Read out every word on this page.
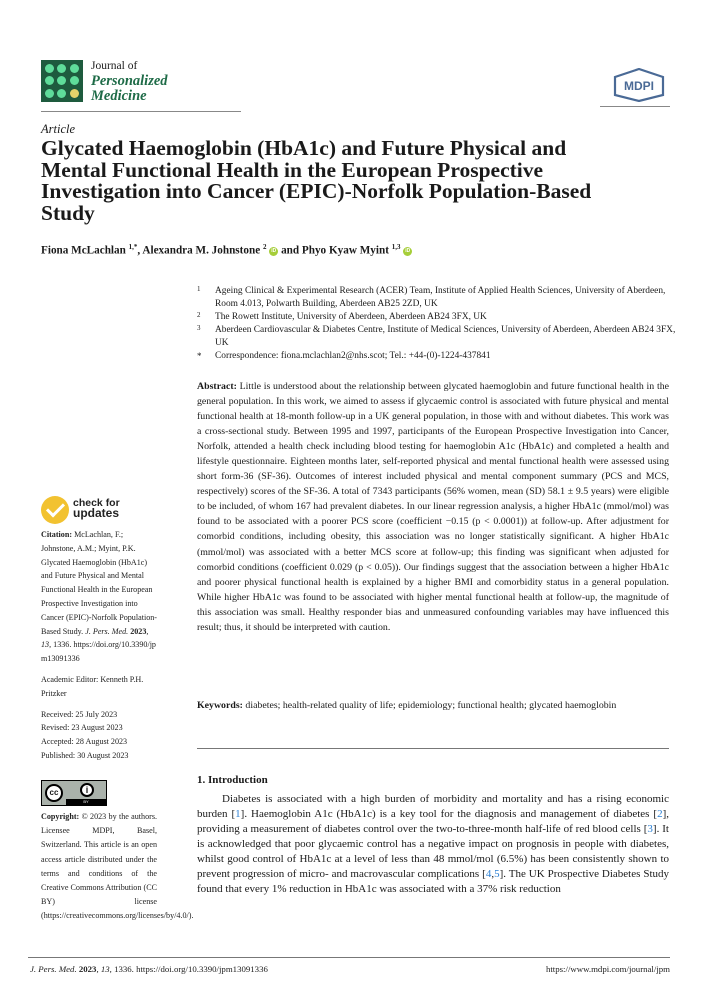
Journal of
Personalized
Medicine
MDPI
Article
Glycated Haemoglobin (HbA1c) and Future Physical and Mental Functional Health in the European Prospective Investigation into Cancer (EPIC)-Norfolk Population-Based Study
Fiona McLachlan $^{1,*}$, Alexandra M. Johnstone $^2$ iD and Phyo Kyaw Myint $^{1,3}$ iD
1 Ageing Clinical & Experimental Research (ACER) Team, Institute of Applied Health Sciences, University of Aberdeen, Room 4.013, Polwarth Building, Aberdeen AB25 2ZD, UK
2 The Rowett Institute, University of Aberdeen, Aberdeen AB24 3FX, UK
3 Aberdeen Cardiovascular & Diabetes Centre, Institute of Medical Sciences, University of Aberdeen, Aberdeen AB24 3FX, UK
* Correspondence: fiona.mclachlan2@nhs.scot; Tel.: +44-(0)-1224-437841
Abstract: Little is understood about the relationship between glycated haemoglobin and future functional health in the general population. In this work, we aimed to assess if glycaemic control is associated with future physical and mental functional health at 18-month follow-up in a UK general population, in those with and without diabetes. This work was a cross-sectional study. Between 1995 and 1997, participants of the European Prospective Investigation into Cancer, Norfolk, attended a health check including blood testing for haemoglobin A1c (HbA1c) and completed a health and lifestyle questionnaire. Eighteen months later, self-reported physical and mental functional health were assessed using short form-36 (SF-36). Outcomes of interest included physical and mental component summary (PCS and MCS, respectively) scores of the SF-36. A total of 7343 participants (56% women, mean (SD) 58.1 ± 9.5 years) were eligible to be included, of whom 167 had prevalent diabetes. In our linear regression analysis, a higher HbA1c (mmol/mol) was found to be associated with a poorer PCS score (coefficient −0.15 (p < 0.0001)) at follow-up. After adjustment for comorbid conditions, including obesity, this association was no longer statistically significant. A higher HbA1c (mmol/mol) was associated with a better MCS score at follow-up; this finding was significant when adjusted for comorbid conditions (coefficient 0.029 (p < 0.05)). Our findings suggest that the association between a higher HbA1c and poorer physical functional health is explained by a higher BMI and comorbidity status in a general population. While higher HbA1c was found to be associated with higher mental functional health at follow-up, the magnitude of this association was small. Healthy responder bias and unmeasured confounding variables may have influenced this result; thus, it should be interpreted with caution.
Keywords: diabetes; health-related quality of life; epidemiology; functional health; glycated haemoglobin
check for
updates
Citation: McLachlan, F.; Johnstone, A.M.; Myint, P.K. Glycated Haemoglobin (HbA1c) and Future Physical and Mental Functional Health in the European Prospective Investigation into Cancer (EPIC)-Norfolk Population-Based Study. J. Pers. Med. 2023, 13, 1336. https://doi.org/10.3390/jpm13091336
Academic Editor: Kenneth P.H. Pritzker
Received: 25 July 2023
Revised: 23 August 2023
Accepted: 28 August 2023
Published: 30 August 2023
cc	i
BY
Copyright: © 2023 by the authors. Licensee MDPI, Basel, Switzerland. This article is an open access article distributed under the terms and conditions of the Creative Commons Attribution (CC BY) license (https://creativecommons.org/licenses/by/4.0/).
1. Introduction
Diabetes is associated with a high burden of morbidity and mortality and has a rising economic burden [1]. Haemoglobin A1c (HbA1c) is a key tool for the diagnosis and management of diabetes [2], providing a measurement of diabetes control over the two-to-three-month half-life of red blood cells [3]. It is acknowledged that poor glycaemic control has a negative impact on prognosis in people with diabetes, whilst good control of HbA1c at a level of less than 48 mmol/mol (6.5%) has been consistently shown to prevent progression of micro- and macrovascular complications [4,5]. The UK Prospective Diabetes Study found that every 1% reduction in HbA1c was associated with a 37% risk reduction
J. Pers. Med. 2023, 13, 1336. https://doi.org/10.3390/jpm13091336	https://www.mdpi.com/journal/jpm
